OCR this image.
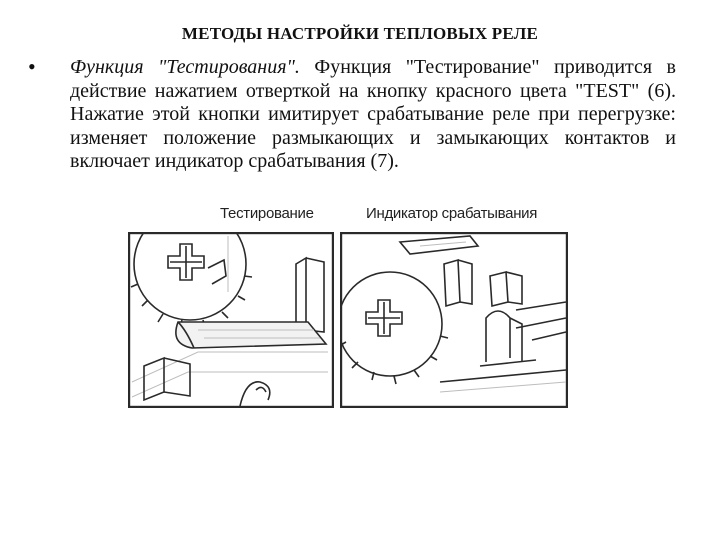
МЕТОДЫ НАСТРОЙКИ ТЕПЛОВЫХ РЕЛЕ
• Функция "Тестирования". Функция "Тестирование" приводится в действие нажатием отверткой на кнопку красного цвета "TEST" (6). Нажатие этой кнопки имитирует срабатывание реле при перегрузке: изменяет положение размыкающих и замыкающих контактов и включает индикатор срабатывания (7).
Тестирование	Индикатор срабатывания
